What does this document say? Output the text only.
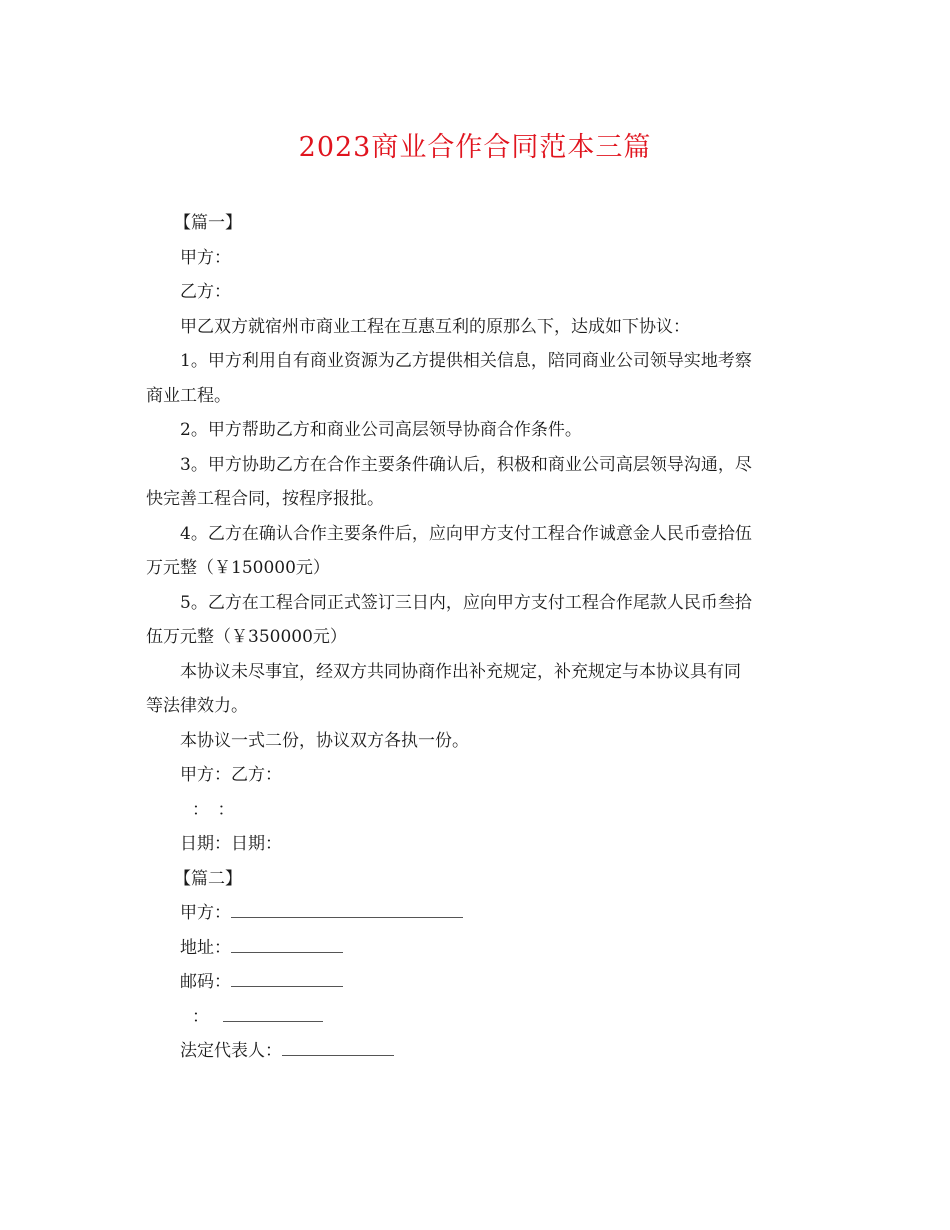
2023商业合作合同范本三篇
【篇一】
甲方：
乙方：
甲乙双方就宿州市商业工程在互惠互利的原那么下，达成如下协议：
1。甲方利用自有商业资源为乙方提供相关信息，陪同商业公司领导实地考察
商业工程。
2。甲方帮助乙方和商业公司高层领导协商合作条件。
3。甲方协助乙方在合作主要条件确认后，积极和商业公司高层领导沟通，尽
快完善工程合同，按程序报批。
4。乙方在确认合作主要条件后，应向甲方支付工程合作诚意金人民币壹拾伍
万元整（￥150000元）
5。乙方在工程合同正式签订三日内，应向甲方支付工程合作尾款人民币叁拾
伍万元整（￥350000元）
本协议未尽事宜，经双方共同协商作出补充规定，补充规定与本协议具有同
等法律效力。
本协议一式二份，协议双方各执一份。
甲方：乙方：
：　：
日期：日期：
【篇二】
甲方：
地址：
邮码：
：
法定代表人：
